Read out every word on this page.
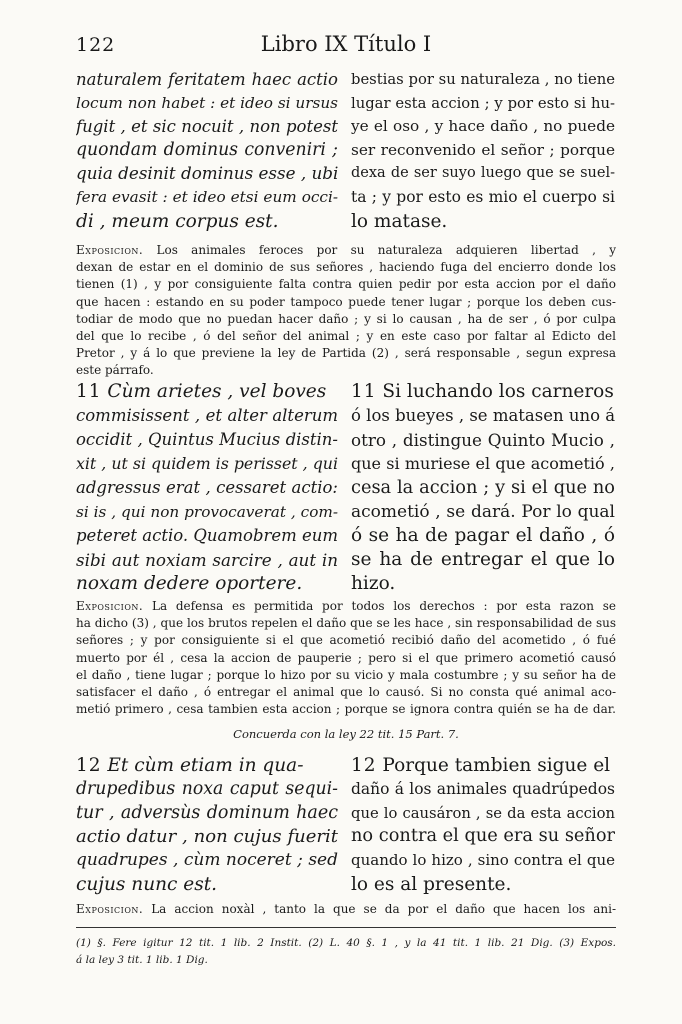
122	Libro IX Título I
naturalem feritatem haec actio
locum non habet : et ideo si ursus
fugit , et sic nocuit , non potest
quondam dominus conveniri ;
quia desinit dominus esse , ubi
fera evasit : et ideo etsi eum occi-
di , meum corpus est.
bestias por su naturaleza , no tiene
lugar esta accion ; y por esto si hu-
ye el oso , y hace daño , no puede
ser reconvenido el señor ; porque
dexa de ser suyo luego que se suel-
ta ; y por esto es mio el cuerpo si
lo matase.
Exposicion. Los animales feroces por su naturaleza adquieren libertad , y
dexan de estar en el dominio de sus señores , haciendo fuga del encierro donde los
tienen (1) , y por consiguiente falta contra quien pedir por esta accion por el daño
que hacen : estando en su poder tampoco puede tener lugar ; porque los deben cus-
todiar de modo que no puedan hacer daño ; y si lo causan , ha de ser , ó por culpa
del que lo recibe , ó del señor del animal ; y en este caso por faltar al Edicto del
Pretor , y á lo que previene la ley de Partida (2) , será responsable , segun expresa
este párrafo.
11 Cùm arietes , vel boves
commisissent , et alter alterum
occidit , Quintus Mucius distin-
xit , ut si quidem is perisset , qui
adgressus erat , cessaret actio:
si is , qui non provocaverat , com-
peteret actio. Quamobrem eum
sibi aut noxiam sarcire , aut in
noxam dedere oportere.
11 Si luchando los carneros
ó los bueyes , se matasen uno á
otro , distingue Quinto Mucio ,
que si muriese el que acometió ,
cesa la accion ; y si el que no
acometió , se dará. Por lo qual
ó se ha de pagar el daño , ó
se ha de entregar el que lo
hizo.
Exposicion. La defensa es permitida por todos los derechos : por esta razon se
ha dicho (3) , que los brutos repelen el daño que se les hace , sin responsabilidad de sus
señores ; y por consiguiente si el que acometió recibió daño del acometido , ó fué
muerto por él , cesa la accion de pauperie ; pero si el que primero acometió causó
el daño , tiene lugar ; porque lo hizo por su vicio y mala costumbre ; y su señor ha de
satisfacer el daño , ó entregar el animal que lo causó. Si no consta qué animal aco-
metió primero , cesa tambien esta accion ; porque se ignora contra quién se ha de dar.
Concuerda con la ley 22 tit. 15 Part. 7.
12 Et cùm etiam in qua-
drupedibus noxa caput sequi-
tur , adversùs dominum haec
actio datur , non cujus fuerit
quadrupes , cùm noceret ; sed
cujus nunc est.
12 Porque tambien sigue el
daño á los animales quadrúpedos
que lo causáron , se da esta accion
no contra el que era su señor
quando lo hizo , sino contra el que
lo es al presente.
Exposicion. La accion noxàl , tanto la que se da por el daño que hacen los ani-
(1) §. Fere igitur 12 tit. 1 lib. 2 Instit. (2) L. 40 §. 1 , y la 41 tit. 1 lib. 21 Dig. (3) Expos.
á la ley 3 tit. 1 lib. 1 Dig.
